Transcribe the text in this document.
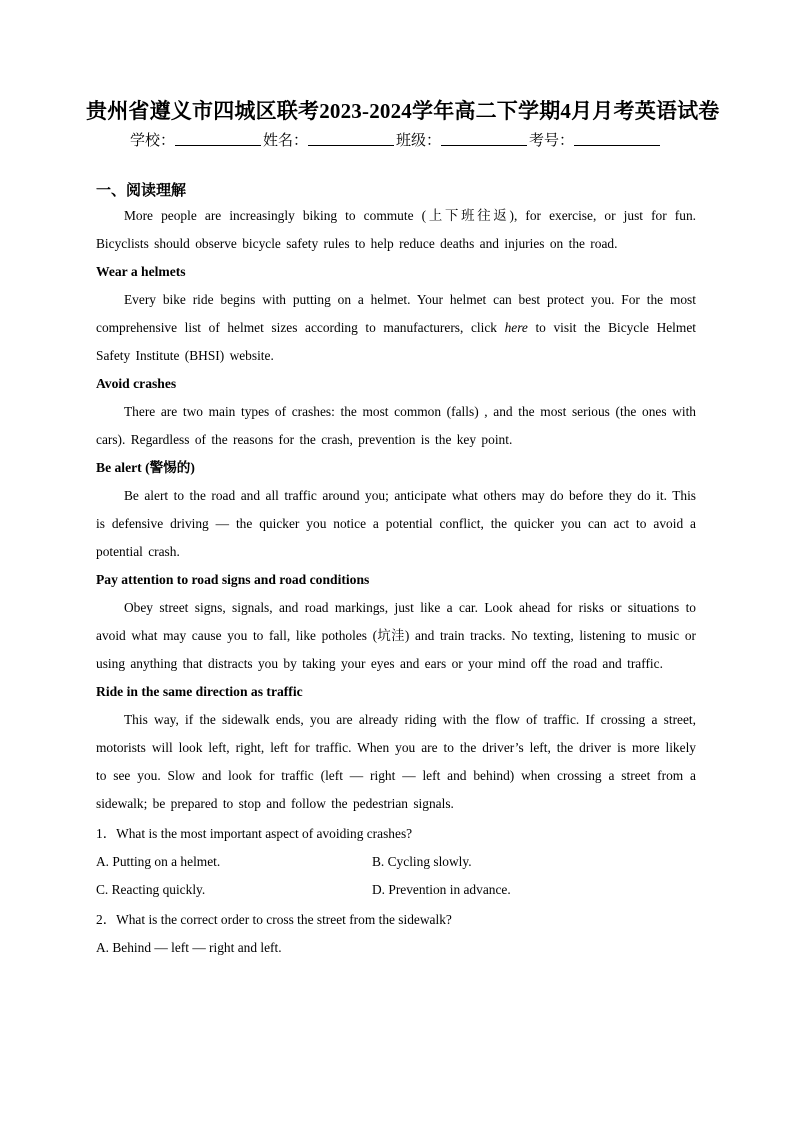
贵州省遵义市四城区联考2023-2024学年高二下学期4月月考英语试卷
学校：	姓名：	班级：	考号：
一、阅读理解

More people are increasingly biking to commute (上下班往返), for exercise, or just for fun. Bicyclists should observe bicycle safety rules to help reduce deaths and injuries on the road.

Wear a helmets

Every bike ride begins with putting on a helmet. Your helmet can best protect you. For the most comprehensive list of helmet sizes according to manufacturers, click here to visit the Bicycle Helmet Safety Institute (BHSI) website.

Avoid crashes

There are two main types of crashes: the most common (falls) , and the most serious (the ones with cars). Regardless of the reasons for the crash, prevention is the key point.

Be alert (警惕的)

Be alert to the road and all traffic around you; anticipate what others may do before they do it. This is defensive driving — the quicker you notice a potential conflict, the quicker you can act to avoid a potential crash.

Pay attention to road signs and road conditions

Obey street signs, signals, and road markings, just like a car. Look ahead for risks or situations to avoid what may cause you to fall, like potholes (坑洼) and train tracks. No texting, listening to music or using anything that distracts you by taking your eyes and ears or your mind off the road and traffic.

Ride in the same direction as traffic

This way, if the sidewalk ends, you are already riding with the flow of traffic. If crossing a street, motorists will look left, right, left for traffic. When you are to the driver’s left, the driver is more likely to see you. Slow and look for traffic (left — right — left and behind) when crossing a street from a sidewalk; be prepared to stop and follow the pedestrian signals.

1．What is the most important aspect of avoiding crashes?
A. Putting on a helmet.	B. Cycling slowly.
C. Reacting quickly.	D. Prevention in advance.
2．What is the correct order to cross the street from the sidewalk?
A. Behind — left — right and left.
